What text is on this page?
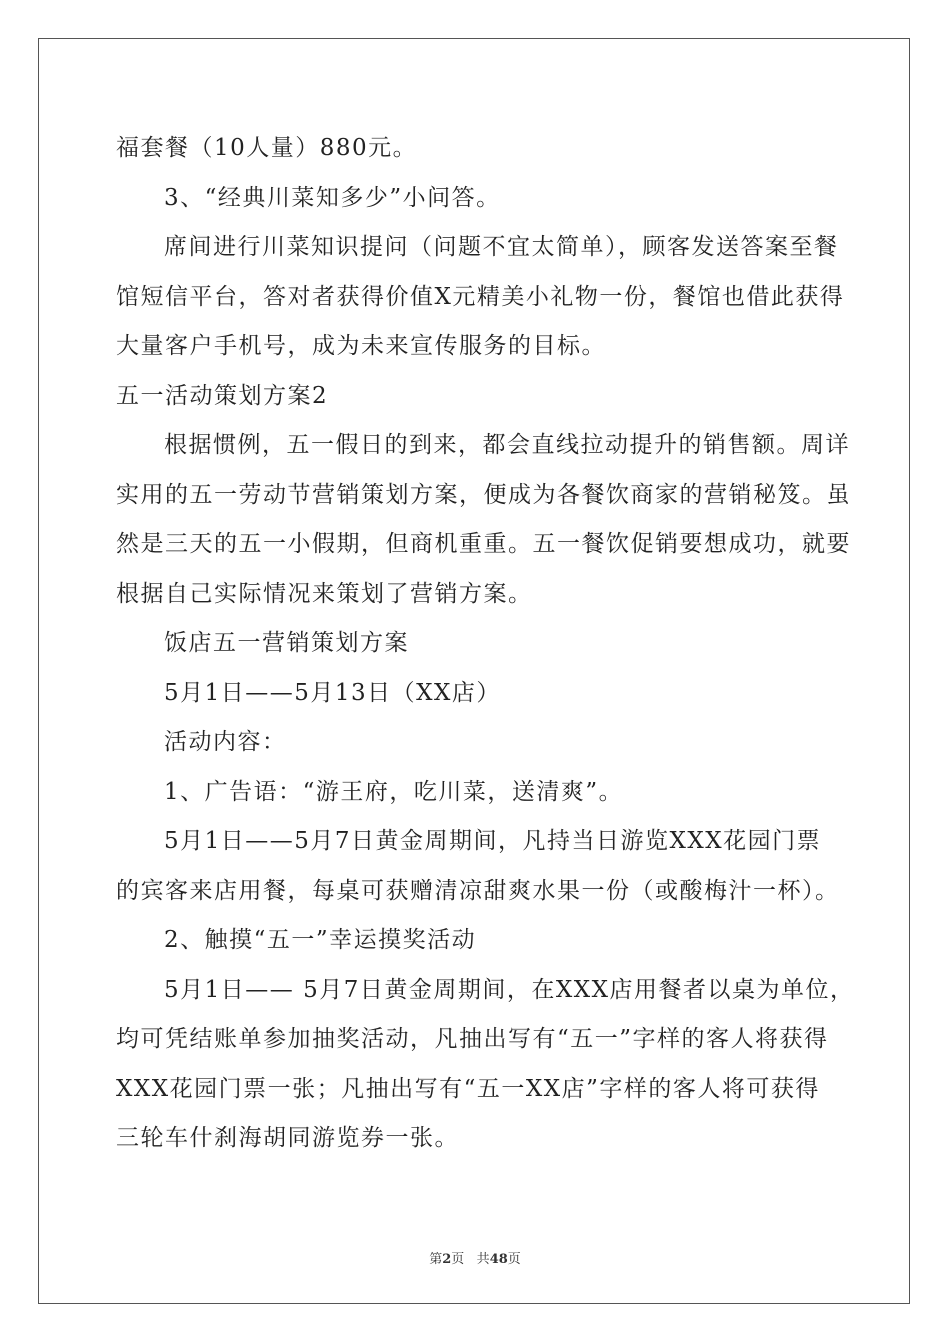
福套餐（10人量）880元。
3、“经典川菜知多少”小问答。
席间进行川菜知识提问（问题不宜太简单），顾客发送答案至餐
馆短信平台，答对者获得价值X元精美小礼物一份，餐馆也借此获得
大量客户手机号，成为未来宣传服务的目标。
五一活动策划方案2
根据惯例，五一假日的到来，都会直线拉动提升的销售额。周详
实用的五一劳动节营销策划方案，便成为各餐饮商家的营销秘笈。虽
然是三天的五一小假期，但商机重重。五一餐饮促销要想成功，就要
根据自己实际情况来策划了营销方案。
饭店五一营销策划方案
5月1日——5月13日（XX店）
活动内容：
1、广告语：“游王府，吃川菜，送清爽”。
5月1日——5月7日黄金周期间，凡持当日游览XXX花园门票
的宾客来店用餐，每桌可获赠清凉甜爽水果一份（或酸梅汁一杯）。
2、触摸“五一”幸运摸奖活动
5月1日—— 5月7日黄金周期间，在XXX店用餐者以桌为单位，
均可凭结账单参加抽奖活动，凡抽出写有“五一”字样的客人将获得
XXX花园门票一张；凡抽出写有“五一XX店”字样的客人将可获得
三轮车什刹海胡同游览券一张。
第2页 共48页
